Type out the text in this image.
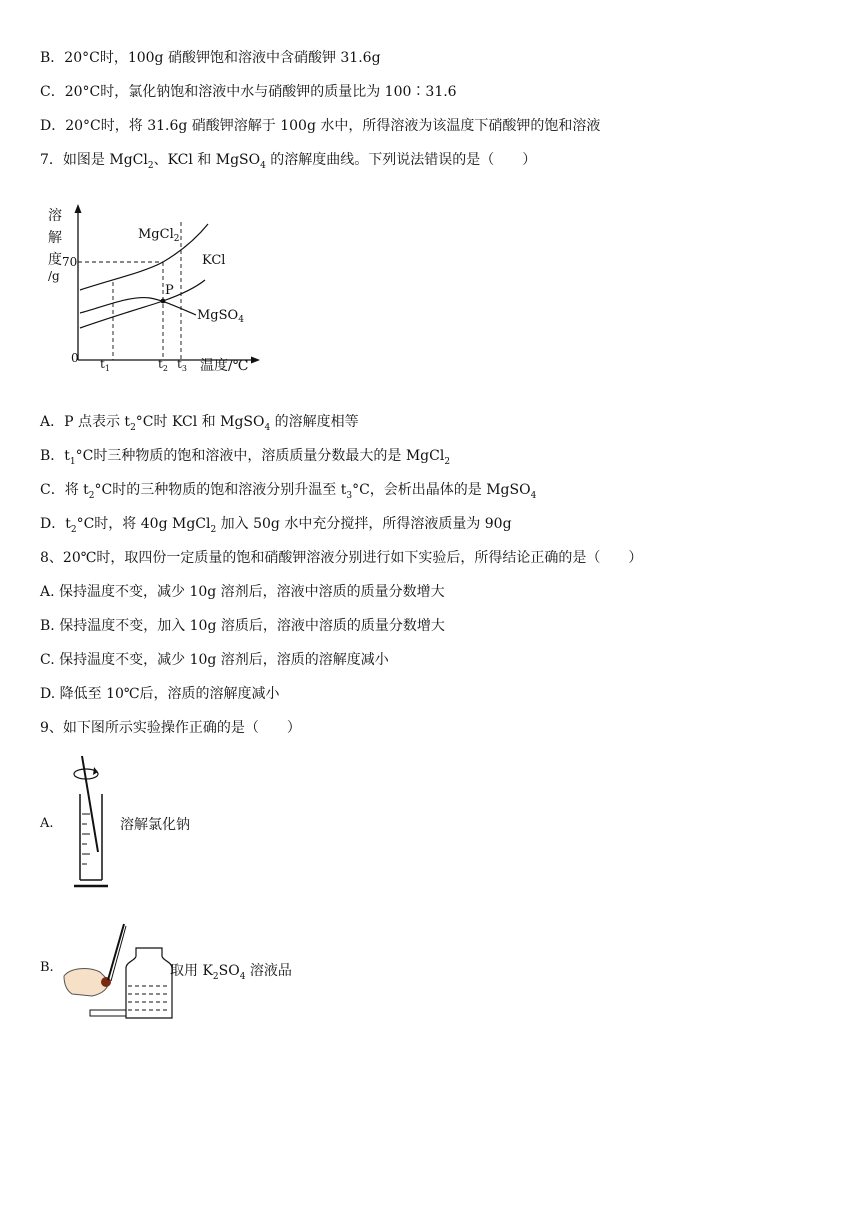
B．20°C时，100g 硝酸钾饱和溶液中含硝酸钾 31.6g
C．20°C时，氯化钠饱和溶液中水与硝酸钾的质量比为 100∶31.6
D．20°C时，将 31.6g 硝酸钾溶解于 100g 水中，所得溶液为该温度下硝酸钾的饱和溶液
7．如图是 MgCl$_2$、KCl 和 MgSO$_4$ 的溶解度曲线。下列说法错误的是（　　）
溶
解
度
/g
70
0 $t_1$	$t_2$ $t_3$ 温度/℃
MgCl$_2$
KCl
P
MgSO$_4$
A．P 点表示 $t_2^\circ C$时 KCl 和 MgSO$_4$ 的溶解度相等
B．$t_1^\circ C$时三种物质的饱和溶液中，溶质质量分数最大的是 MgCl$_2$
C．将 $t_2^\circ C$时的三种物质的饱和溶液分别升温至 $t_3^\circ C$，会析出晶体的是 MgSO$_4$
D．$t_2^\circ C$时，将 40g MgCl$_2$ 加入 50g 水中充分搅拌，所得溶液质量为 90g
8、20℃时，取四份一定质量的饱和硝酸钾溶液分别进行如下实验后，所得结论正确的是（　　）
A. 保持温度不变，减少 10g 溶剂后，溶液中溶质的质量分数增大
B. 保持温度不变，加入 10g 溶质后，溶液中溶质的质量分数增大
C. 保持温度不变，减少 10g 溶剂后，溶质的溶解度减小
D. 降低至 10℃后，溶质的溶解度减小
9、如下图所示实验操作正确的是（　　）
A.	溶解氯化钠
B.	取用 $K_2SO_4$ 溶液品
